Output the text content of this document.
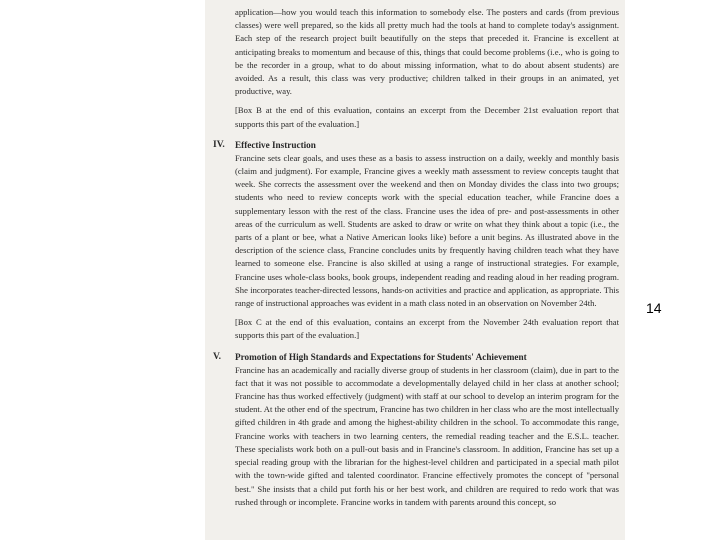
application—how you would teach this information to somebody else. The posters and cards (from previous classes) were well prepared, so the kids all pretty much had the tools at hand to complete today's assignment. Each step of the research project built beautifully on the steps that preceded it. Francine is excellent at anticipating breaks to momentum and because of this, things that could become problems (i.e., who is going to be the recorder in a group, what to do about missing information, what to do about absent students) are avoided. As a result, this class was very productive; children talked in their groups in an animated, yet productive, way.

[Box B at the end of this evaluation, contains an excerpt from the December 21st evaluation report that supports this part of the evaluation.]

IV. Effective Instruction

Francine sets clear goals, and uses these as a basis to assess instruction on a daily, weekly and monthly basis (claim and judgment). For example, Francine gives a weekly math assessment to review concepts taught that week. She corrects the assessment over the weekend and then on Monday divides the class into two groups; students who need to review concepts work with the special education teacher, while Francine does a supplementary lesson with the rest of the class. Francine uses the idea of pre- and post-assessments in other areas of the curriculum as well. Students are asked to draw or write on what they think about a topic (i.e., the parts of a plant or bee, what a Native American looks like) before a unit begins. As illustrated above in the description of the science class, Francine concludes units by frequently having children teach what they have learned to someone else. Francine is also skilled at using a range of instructional strategies. For example, Francine uses whole-class books, book groups, independent reading and reading aloud in her reading program. She incorporates teacher-directed lessons, hands-on activities and practice and application, as appropriate. This range of instructional approaches was evident in a math class noted in an observation on November 24th.

[Box C at the end of this evaluation, contains an excerpt from the November 24th evaluation report that supports this part of the evaluation.]

V. Promotion of High Standards and Expectations for Students' Achievement

Francine has an academically and racially diverse group of students in her classroom (claim), due in part to the fact that it was not possible to accommodate a developmentally delayed child in her class at another school; Francine has thus worked effectively (judgment) with staff at our school to develop an interim program for the student. At the other end of the spectrum, Francine has two children in her class who are the most intellectually gifted children in 4th grade and among the highest-ability children in the school. To accommodate this range, Francine works with teachers in two learning centers, the remedial reading teacher and the E.S.L. teacher. These specialists work both on a pull-out basis and in Francine's classroom. In addition, Francine has set up a special reading group with the librarian for the highest-level children and participated in a special math pilot with the town-wide gifted and talented coordinator. Francine effectively promotes the concept of "personal best." She insists that a child put forth his or her best work, and children are required to redo work that was rushed through or incomplete. Francine works in tandem with parents around this concept, so

14
